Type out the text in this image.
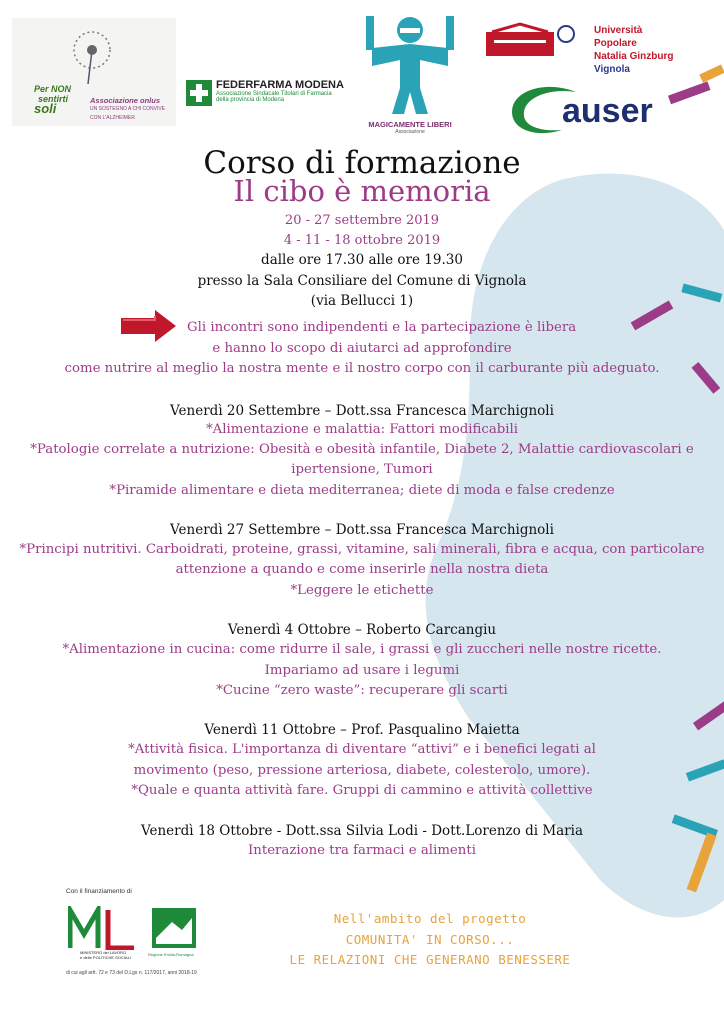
Per NON
sentirti
soli
Associazione onlus
UN SOSTEGNO A CHI CONVIVE
CON L'ALZHEIMER
FEDERFARMA MODENA
Associazione Sindacale Titolari di Farmacia
della provincia di Modena
MAGICAMENTE LIBERI
Associazione
Università Popolare
Natalia Ginzburg
Vignola
auser
Corso di formazione
Il cibo è memoria
20 - 27 settembre 2019
4 - 11 - 18 ottobre 2019
dalle ore 17.30 alle ore 19.30
presso la Sala Consiliare del Comune di Vignola
(via Bellucci 1)
Gli incontri sono indipendenti e la partecipazione è libera
e hanno lo scopo di aiutarci ad approfondire
come nutrire al meglio la nostra mente e il nostro corpo con il carburante più adeguato.
Venerdì 20 Settembre – Dott.ssa Francesca Marchignoli
*Alimentazione e malattia: Fattori modificabili
*Patologie correlate a nutrizione: Obesità e obesità infantile, Diabete 2, Malattie cardiovascolari e
ipertensione, Tumori
*Piramide alimentare e dieta mediterranea; diete di moda e false credenze
Venerdì 27 Settembre – Dott.ssa Francesca Marchignoli
*Principi nutritivi. Carboidrati, proteine, grassi, vitamine, sali minerali, fibra e acqua, con particolare
attenzione a quando e come inserirle nella nostra dieta
*Leggere le etichette
Venerdì 4 Ottobre – Roberto Carcangiu
*Alimentazione in cucina: come ridurre il sale, i grassi e gli zuccheri nelle nostre ricette.
Impariamo ad usare i legumi
*Cucine “zero waste”: recuperare gli scarti
Venerdì 11 Ottobre – Prof. Pasqualino Maietta
*Attività fisica. L'importanza di diventare “attivi” e i benefici legati al
movimento (peso, pressione arteriosa, diabete, colesterolo, umore).
*Quale e quanta attività fare. Gruppi di cammino e attività collettive
Venerdì 18 Ottobre - Dott.ssa Silvia Lodi - Dott.Lorenzo di Maria
Interazione tra farmaci e alimenti
Con il finanziamento di
MINISTERO del LAVORO
e delle POLITICHE SOCIALI
Regione Emilia-Romagna
di cui agli artt. 72 e 73 del D.Lgs n. 117/2017, anni 2018-19
Nell'ambito del progetto
COMUNITA' IN CORSO...
LE RELAZIONI CHE GENERANO BENESSERE
